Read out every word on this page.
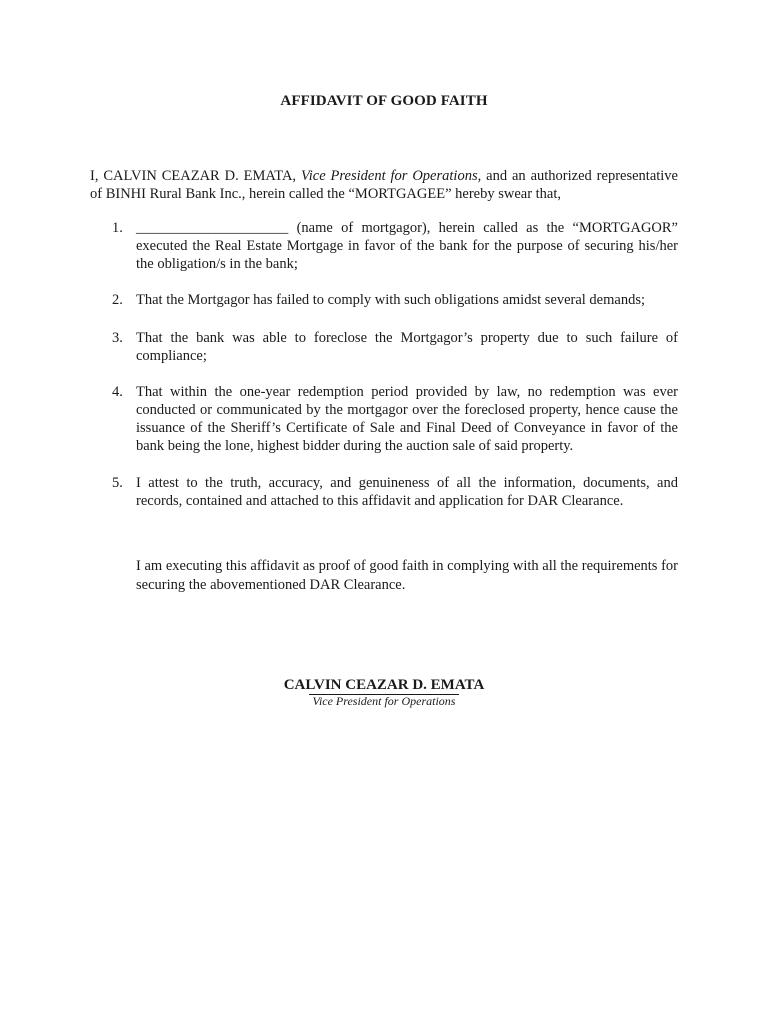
AFFIDAVIT OF GOOD FAITH

I, CALVIN CEAZAR D. EMATA, Vice President for Operations, and an authorized representative of BINHI Rural Bank Inc., herein called the “MORTGAGEE” hereby swear that,

1. _____________________ (name of mortgagor), herein called as the “MORTGAGOR” executed the Real Estate Mortgage in favor of the bank for the purpose of securing his/her the obligation/s in the bank;
2. That the Mortgagor has failed to comply with such obligations amidst several demands;
3. That the bank was able to foreclose the Mortgagor’s property due to such failure of compliance;
4. That within the one-year redemption period provided by law, no redemption was ever conducted or communicated by the mortgagor over the foreclosed property, hence cause the issuance of the Sheriff’s Certificate of Sale and Final Deed of Conveyance in favor of the bank being the lone, highest bidder during the auction sale of said property.
5. I attest to the truth, accuracy, and genuineness of all the information, documents, and records, contained and attached to this affidavit and application for DAR Clearance.

I am executing this affidavit as proof of good faith in complying with all the requirements for securing the abovementioned DAR Clearance.

CALVIN CEAZAR D. EMATA
Vice President for Operations
